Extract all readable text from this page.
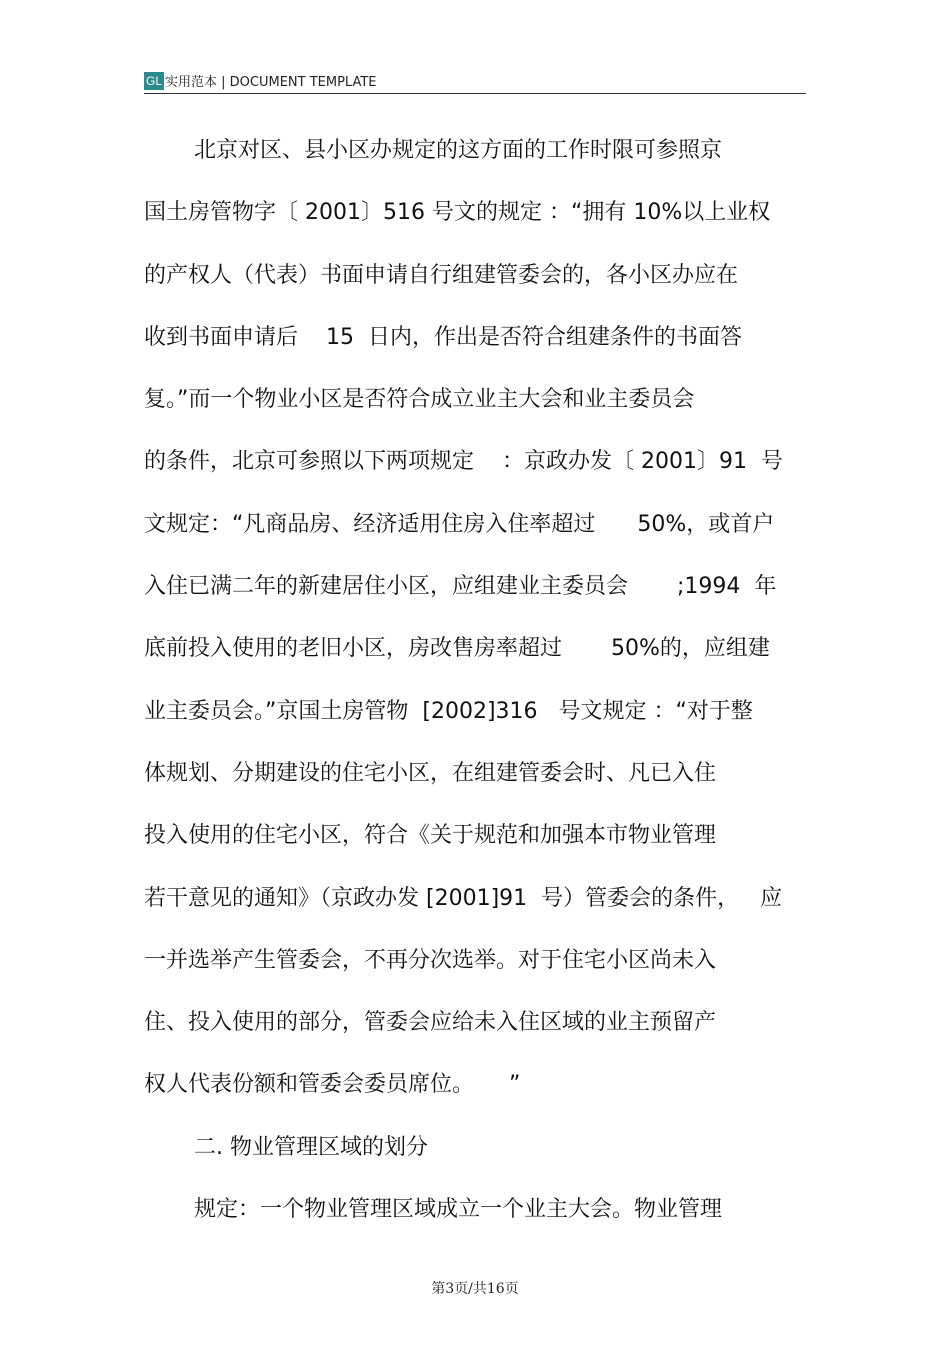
GL 实用范本 | DOCUMENT TEMPLATE
北京对区、县小区办规定的这方面的工作时限可参照京
国土房管物字〔 2001〕516 号文的规定 ：“拥有 10%以上业权
的产权人（代表）书面申请自行组建管委会的，各小区办应在
收到书面申请后    15  日内，作出是否符合组建条件的书面答
复。”而一个物业小区是否符合成立业主大会和业主委员会
的条件，北京可参照以下两项规定    ：京政办发〔 2001〕91  号
文规定：“凡商品房、经济适用住房入住率超过      50%，或首户
入住已满二年的新建居住小区，应组建业主委员会       ;1994  年
底前投入使用的老旧小区，房改售房率超过       50%的，应组建
业主委员会。”京国土房管物  [2002]316   号文规定 ：“对于整
体规划、分期建设的住宅小区，在组建管委会时、凡已入住
投入使用的住宅小区，符合《关于规范和加强本市物业管理
若干意见的通知》（京政办发 [2001]91  号）管委会的条件，   应
一并选举产生管委会，不再分次选举。对于住宅小区尚未入
住、投入使用的部分，管委会应给未入住区域的业主预留产
权人代表份额和管委会委员席位。     ”
二. 物业管理区域的划分
规定：一个物业管理区域成立一个业主大会。物业管理
第3页/共16页
